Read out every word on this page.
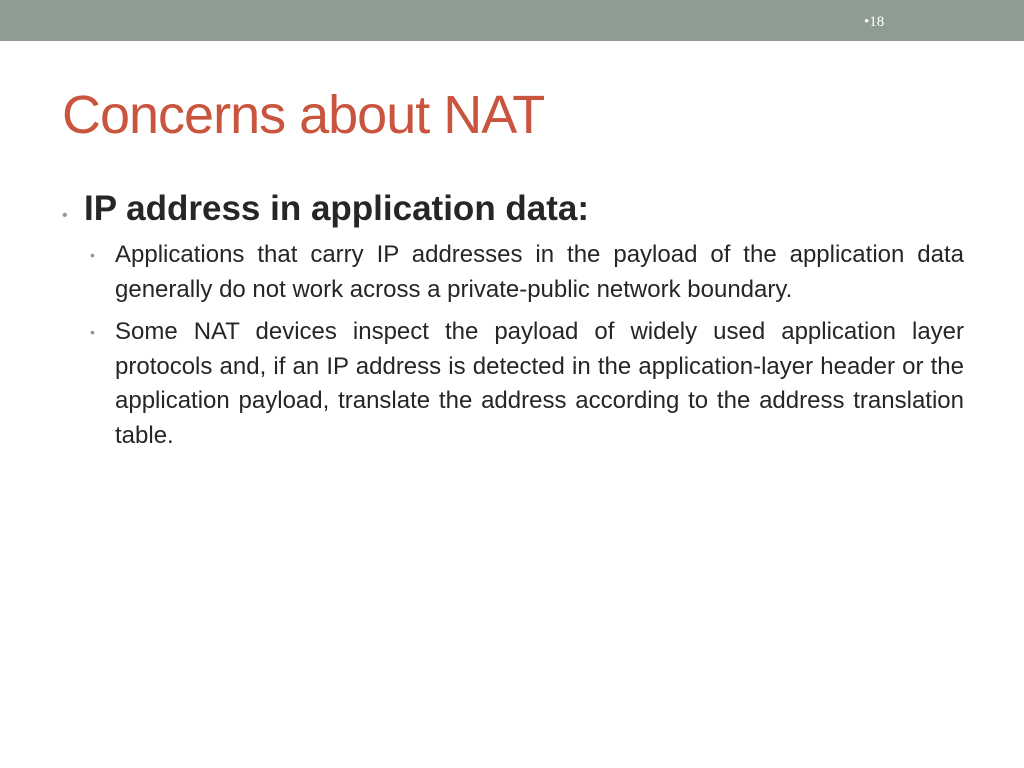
•18
Concerns about NAT
• IP address in application data:
• Applications that carry IP addresses in the payload of the application data generally do not work across a private-public network boundary.
• Some NAT devices inspect the payload of widely used application layer protocols and, if an IP address is detected in the application-layer header or the application payload, translate the address according to the address translation table.
